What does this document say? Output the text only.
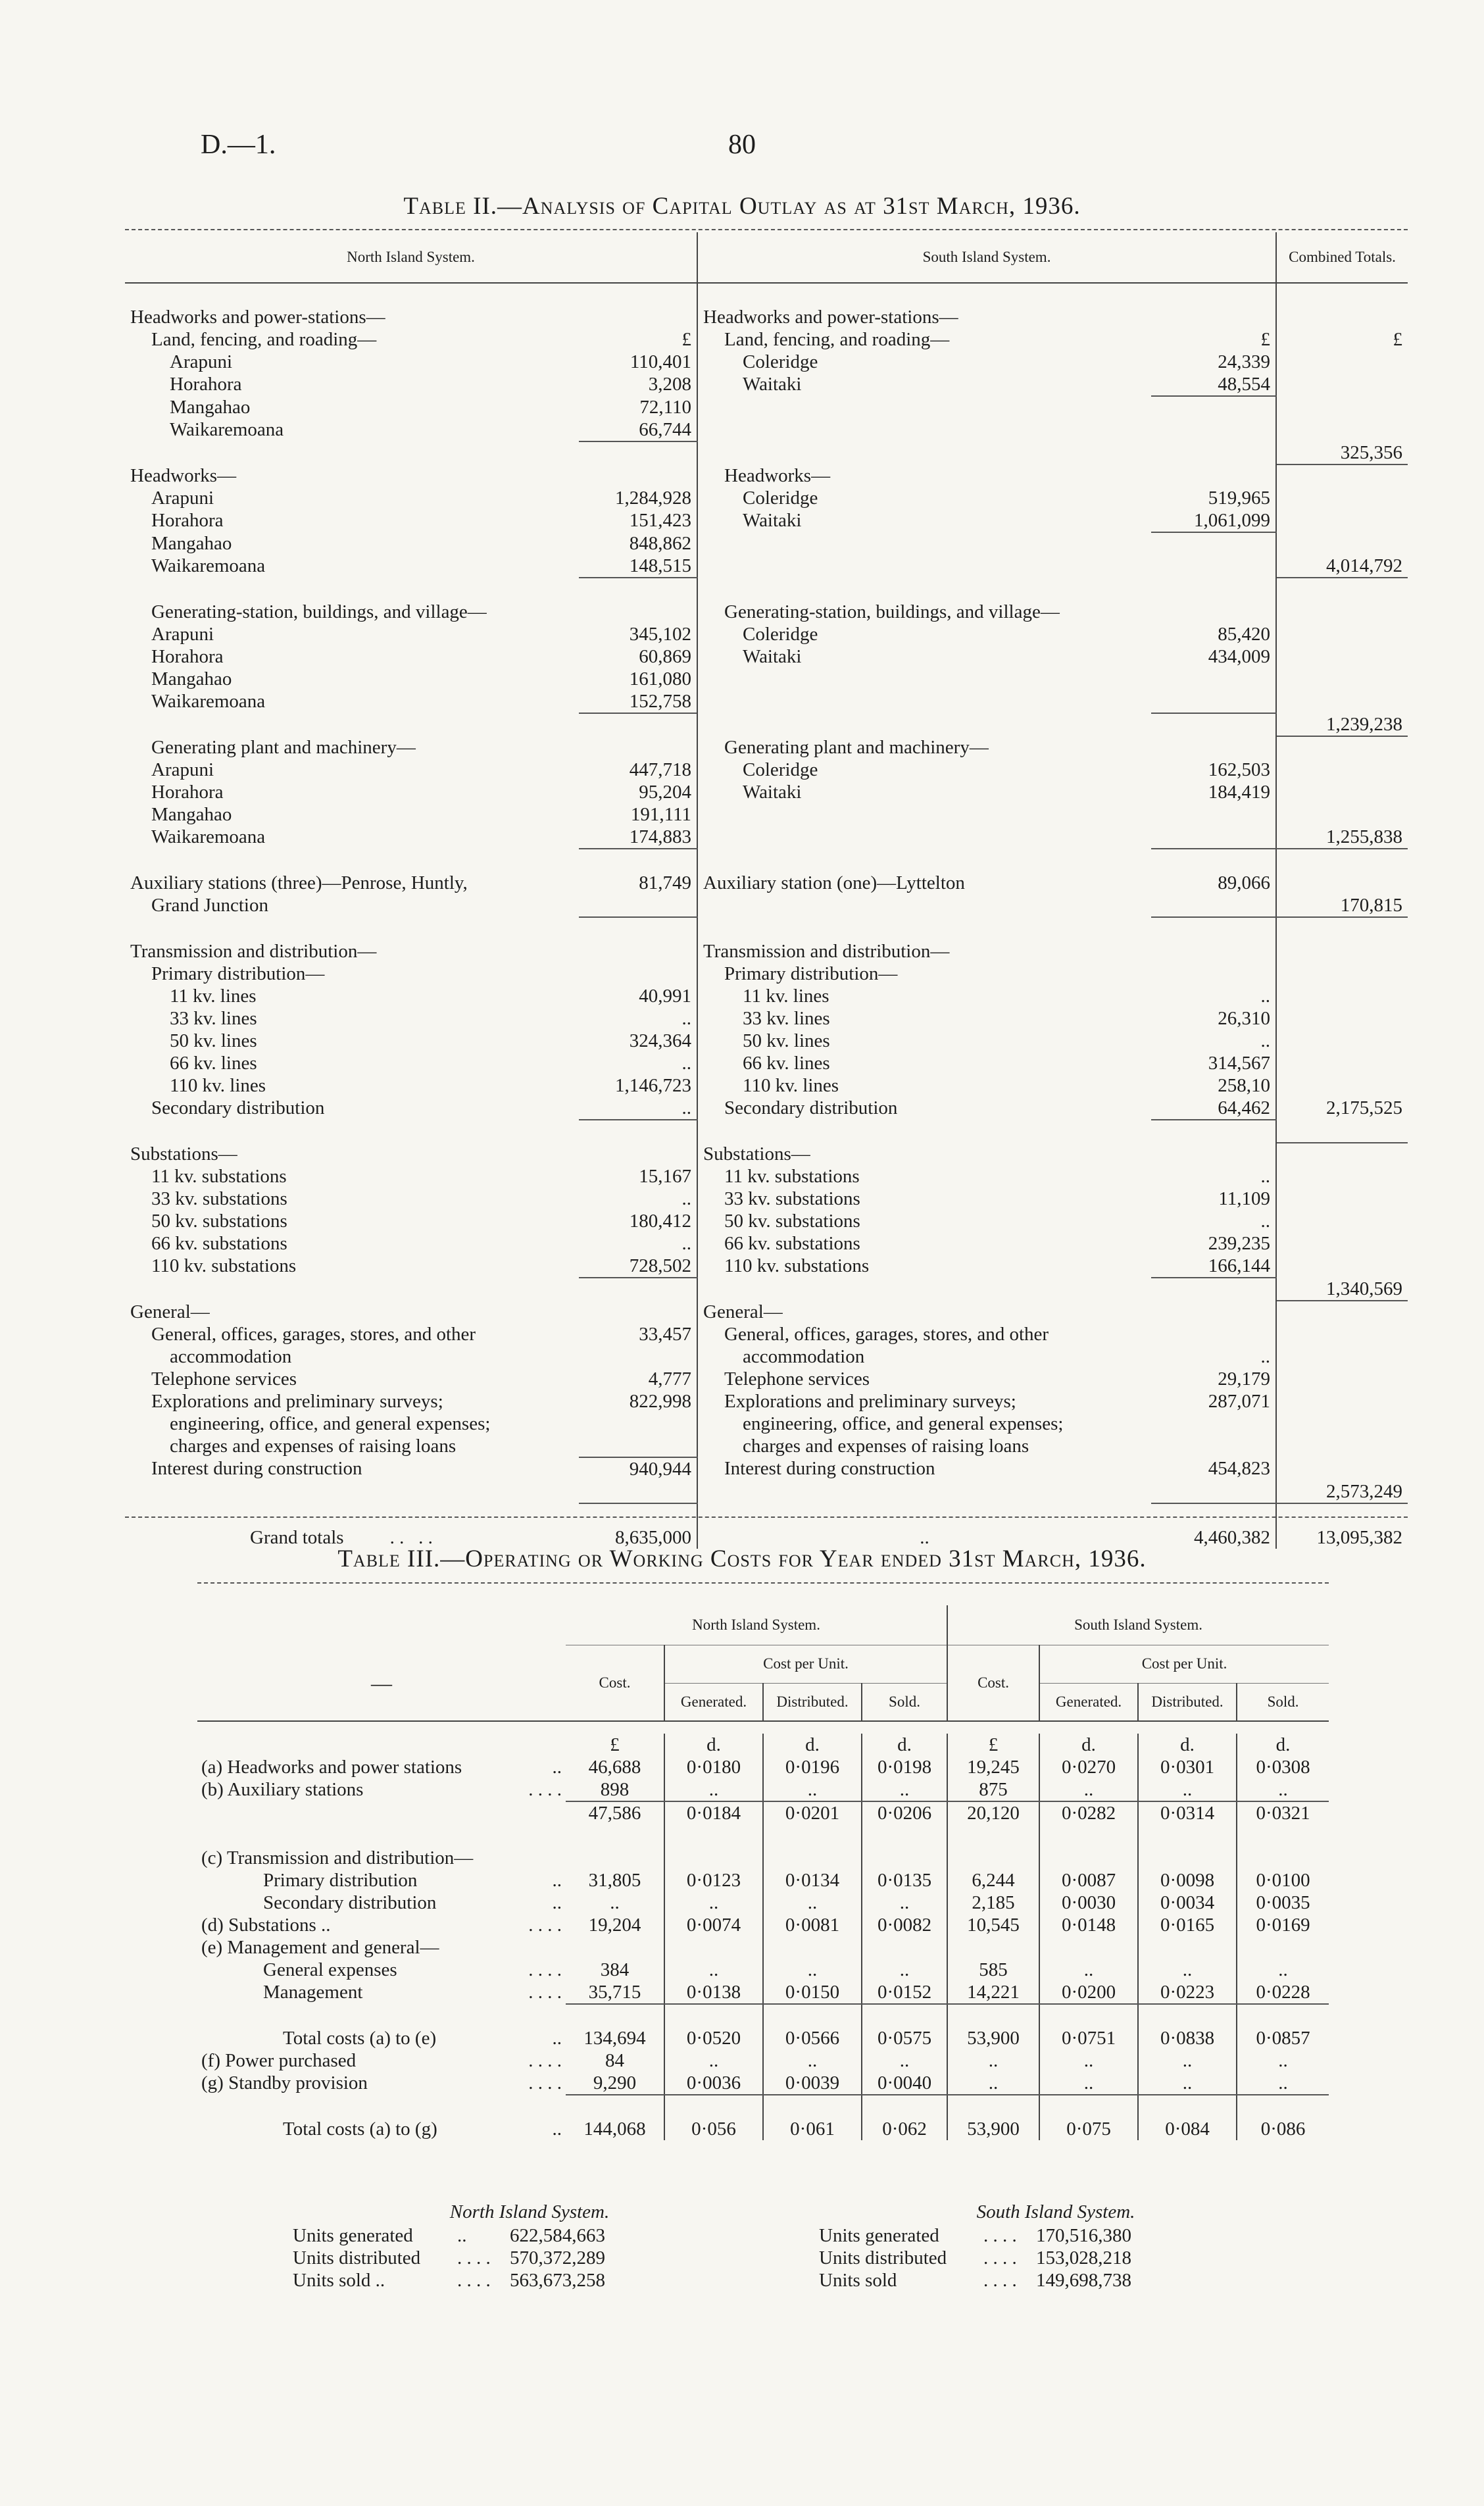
D.—1.	80
Table II.—Analysis of Capital Outlay as at 31st March, 1936.
North Island System.		South Island System.		Combined Totals.

Headworks and power-stations—		Headworks and power-stations—		
Land, fencing, and roading—	£	Land, fencing, and roading—	£	£
Arapuni	110,401	Coleridge	24,339	
Horahora	3,208	Waitaki	48,554	
Mangahao	72,110			
Waikaremoana	66,744			
				325,356
Headworks—		Headworks—		
Arapuni	1,284,928	Coleridge	519,965	
Horahora	151,423	Waitaki	1,061,099	
Mangahao	848,862			
Waikaremoana	148,515			4,014,792

Generating-station, buildings, and village—		Generating-station, buildings, and village—		
Arapuni	345,102	Coleridge	85,420	
Horahora	60,869	Waitaki	434,009	
Mangahao	161,080			
Waikaremoana	152,758			
				1,239,238
Generating plant and machinery—		Generating plant and machinery—		
Arapuni	447,718	Coleridge	162,503	
Horahora	95,204	Waitaki	184,419	
Mangahao	191,111			
Waikaremoana	174,883			1,255,838

Auxiliary stations (three)—Penrose, Huntly,	81,749	Auxiliary station (one)—Lyttelton	89,066	
Grand Junction				170,815

Transmission and distribution—		Transmission and distribution—		
Primary distribution—		Primary distribution—		
11 kv. lines	40,991	11 kv. lines	..	
33 kv. lines	..	33 kv. lines	26,310	
50 kv. lines	324,364	50 kv. lines	..	
66 kv. lines	..	66 kv. lines	314,567	
110 kv. lines	1,146,723	110 kv. lines	258,10	
Secondary distribution	..	Secondary distribution	64,462	2,175,525

Substations—		Substations—		
11 kv. substations	15,167	11 kv. substations	..	
33 kv. substations	..	33 kv. substations	11,109	
50 kv. substations	180,412	50 kv. substations	..	
66 kv. substations	..	66 kv. substations	239,235	
110 kv. substations	728,502	110 kv. substations	166,144	
				1,340,569
General—		General—		
General, offices, garages, stores, and other	33,457	General, offices, garages, stores, and other		
accommodation		accommodation	..	
Telephone services	4,777	Telephone services	29,179	
Explorations and preliminary surveys;	822,998	Explorations and preliminary surveys;	287,071	
engineering, office, and general expenses;		engineering, office, and general expenses;		
charges and expenses of raising loans		charges and expenses of raising loans		
Interest during construction	940,944	Interest during construction	454,823	
				2,573,249

Grand totals . .   . .	8,635,000	..	4,460,382	13,095,382
Table III.—Operating or Working Costs for Year ended 31st March, 1936.
	North Island System.				South Island System.			
—	Cost.	Cost per Unit.			Cost.	Cost per Unit.		
		Generated.	Distributed.	Sold.		Generated.	Distributed.	Sold.

	£	d.	d.	d.	£	d.	d.	d.
(a) Headworks and power stations ..	46,688	0·0180	0·0196	0·0198	19,245	0·0270	0·0301	0·0308
(b) Auxiliary stations . . . .	898	..	..	..	875	..	..	..
	47,586	0·0184	0·0201	0·0206	20,120	0·0282	0·0314	0·0321

(c) Transmission and distribution—								
Primary distribution ..	31,805	0·0123	0·0134	0·0135	6,244	0·0087	0·0098	0·0100
Secondary distribution ..	..	..	..	..	2,185	0·0030	0·0034	0·0035
(d) Substations .. . . . .	19,204	0·0074	0·0081	0·0082	10,545	0·0148	0·0165	0·0169
(e) Management and general—								
General expenses . . . .	384	..	..	..	585	..	..	..
Management . . . .	35,715	0·0138	0·0150	0·0152	14,221	0·0200	0·0223	0·0228

Total costs (a) to (e) ..	134,694	0·0520	0·0566	0·0575	53,900	0·0751	0·0838	0·0857
(f) Power purchased . . . .	84	..	..	..	..	..	..	..
(g) Standby provision . . . .	9,290	0·0036	0·0039	0·0040	..	..	..	..

Total costs (a) to (g) ..	144,068	0·056	0·061	0·062	53,900	0·075	0·084	0·086
North Island System.
Units generated	..	622,584,663
Units distributed	. . . .	570,372,289
Units sold ..	. . . .	563,673,258
South Island System.
Units generated	. . . .	170,516,380
Units distributed	. . . .	153,028,218
Units sold	. . . .	149,698,738
